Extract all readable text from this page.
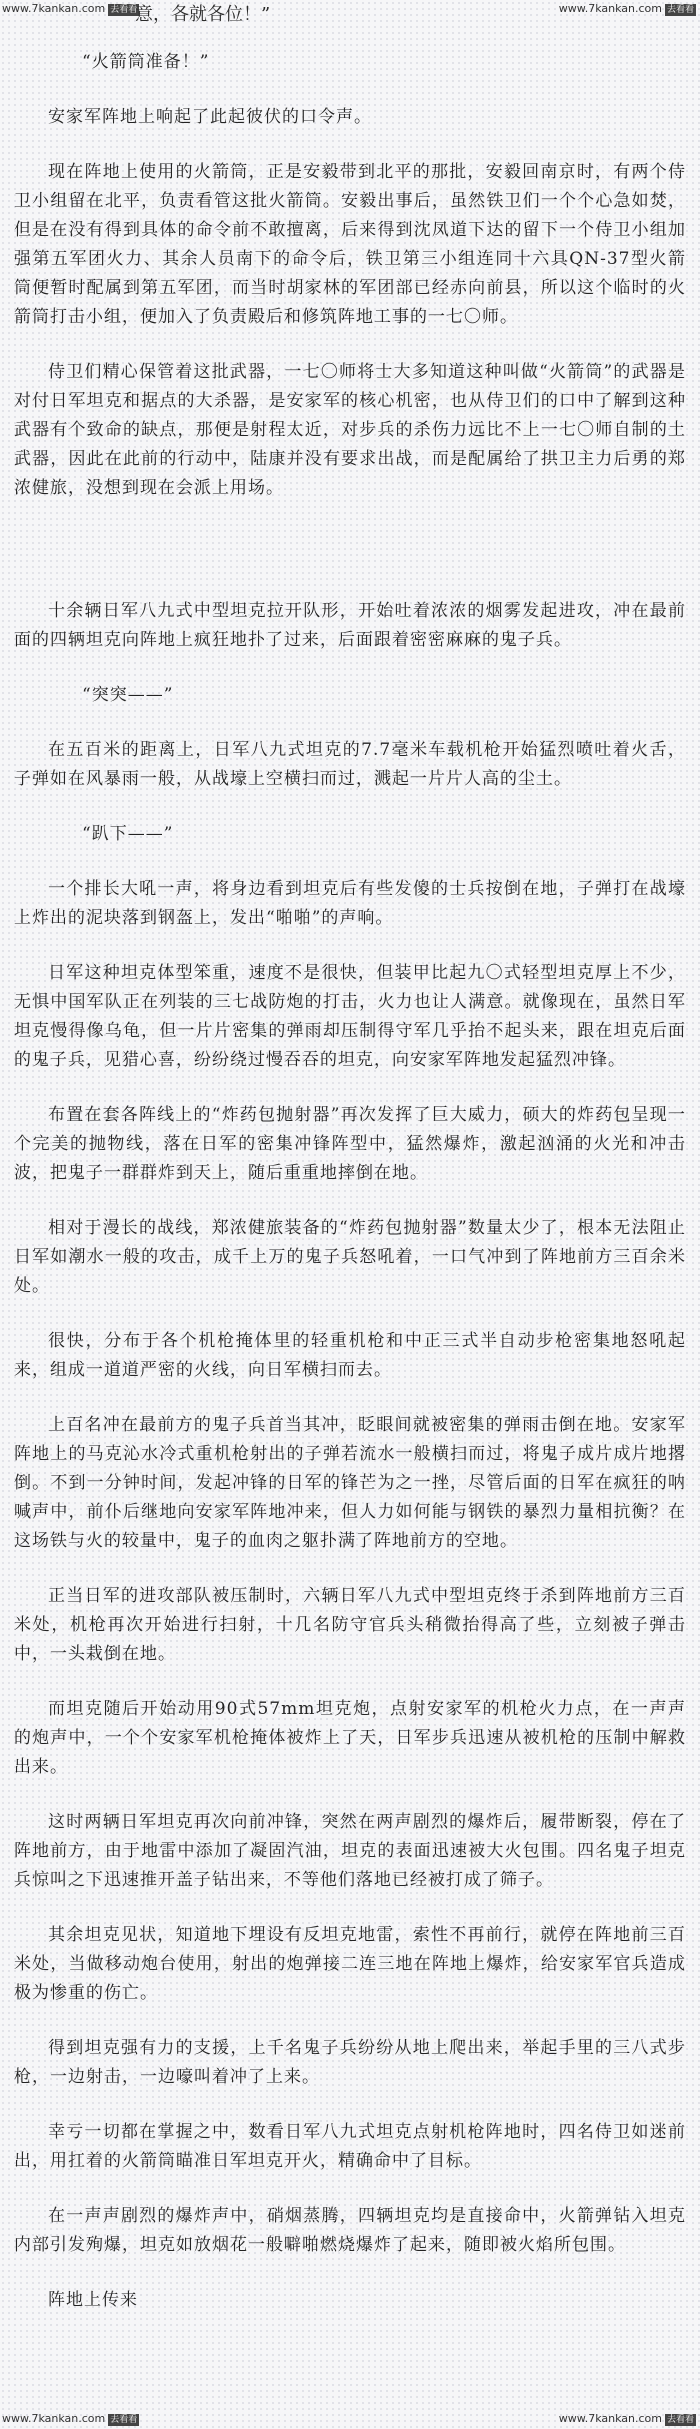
www.7kankan.com 去看看	www.7kankan.com 去看看
意，各就各位！”

“火箭筒准备！”

安家军阵地上响起了此起彼伏的口令声。

现在阵地上使用的火箭筒，正是安毅带到北平的那批，安毅回南京时，有两个侍卫小组留在北平，负责看管这批火箭筒。安毅出事后，虽然铁卫们一个个心急如焚，但是在没有得到具体的命令前不敢擅离，后来得到沈凤道下达的留下一个侍卫小组加强第五军团火力、其余人员南下的命令后，铁卫第三小组连同十六具QN-37型火箭筒便暂时配属到第五军团，而当时胡家林的军团部已经赤向前县，所以这个临时的火箭筒打击小组，便加入了负责殿后和修筑阵地工事的一七〇师。

侍卫们精心保管着这批武器，一七〇师将士大多知道这种叫做“火箭筒”的武器是对付日军坦克和据点的大杀器，是安家军的核心机密，也从侍卫们的口中了解到这种武器有个致命的缺点，那便是射程太近，对步兵的杀伤力远比不上一七〇师自制的土武器，因此在此前的行动中，陆康并没有要求出战，而是配属给了拱卫主力后勇的郑浓健旅，没想到现在会派上用场。

十余辆日军八九式中型坦克拉开队形，开始吐着浓浓的烟雾发起进攻，冲在最前面的四辆坦克向阵地上疯狂地扑了过来，后面跟着密密麻麻的鬼子兵。

“突突——”

在五百米的距离上，日军八九式坦克的7.7毫米车载机枪开始猛烈喷吐着火舌，子弹如在风暴雨一般，从战壕上空横扫而过，溅起一片片人高的尘土。

“趴下——”

一个排长大吼一声，将身边看到坦克后有些发傻的士兵按倒在地，子弹打在战壕上炸出的泥块落到钢盔上，发出“啪啪”的声响。

日军这种坦克体型笨重，速度不是很快，但装甲比起九〇式轻型坦克厚上不少，无惧中国军队正在列装的三七战防炮的打击，火力也让人满意。就像现在，虽然日军坦克慢得像乌龟，但一片片密集的弹雨却压制得守军几乎抬不起头来，跟在坦克后面的鬼子兵，见猎心喜，纷纷绕过慢吞吞的坦克，向安家军阵地发起猛烈冲锋。

布置在套各阵线上的“炸药包抛射器”再次发挥了巨大威力，硕大的炸药包呈现一个完美的抛物线，落在日军的密集冲锋阵型中，猛然爆炸，激起汹涌的火光和冲击波，把鬼子一群群炸到天上，随后重重地摔倒在地。

相对于漫长的战线，郑浓健旅装备的“炸药包抛射器”数量太少了，根本无法阻止日军如潮水一般的攻击，成千上万的鬼子兵怒吼着，一口气冲到了阵地前方三百余米处。

很快，分布于各个机枪掩体里的轻重机枪和中正三式半自动步枪密集地怒吼起来，组成一道道严密的火线，向日军横扫而去。

上百名冲在最前方的鬼子兵首当其冲，眨眼间就被密集的弹雨击倒在地。安家军阵地上的马克沁水冷式重机枪射出的子弹若流水一般横扫而过，将鬼子成片成片地撂倒。不到一分钟时间，发起冲锋的日军的锋芒为之一挫，尽管后面的日军在疯狂的呐喊声中，前仆后继地向安家军阵地冲来，但人力如何能与钢铁的暴烈力量相抗衡？在这场铁与火的较量中，鬼子的血肉之躯扑满了阵地前方的空地。

正当日军的进攻部队被压制时，六辆日军八九式中型坦克终于杀到阵地前方三百米处，机枪再次开始进行扫射，十几名防守官兵头稍微抬得高了些，立刻被子弹击中，一头栽倒在地。

而坦克随后开始动用90式57mm坦克炮，点射安家军的机枪火力点，在一声声的炮声中，一个个安家军机枪掩体被炸上了天，日军步兵迅速从被机枪的压制中解救出来。

这时两辆日军坦克再次向前冲锋，突然在两声剧烈的爆炸后，履带断裂，停在了阵地前方，由于地雷中添加了凝固汽油，坦克的表面迅速被大火包围。四名鬼子坦克兵惊叫之下迅速推开盖子钻出来，不等他们落地已经被打成了筛子。

其余坦克见状，知道地下埋设有反坦克地雷，索性不再前行，就停在阵地前三百米处，当做移动炮台使用，射出的炮弹接二连三地在阵地上爆炸，给安家军官兵造成极为惨重的伤亡。

得到坦克强有力的支援，上千名鬼子兵纷纷从地上爬出来，举起手里的三八式步枪，一边射击，一边嚎叫着冲了上来。

幸亏一切都在掌握之中，数看日军八九式坦克点射机枪阵地时，四名侍卫如迷前出，用扛着的火箭筒瞄准日军坦克开火，精确命中了目标。

在一声声剧烈的爆炸声中，硝烟蒸腾，四辆坦克均是直接命中，火箭弹钻入坦克内部引发殉爆，坦克如放烟花一般噼啪燃烧爆炸了起来，随即被火焰所包围。

阵地上传来

www.7kankan.com 去看看	www.7kankan.com 去看看
